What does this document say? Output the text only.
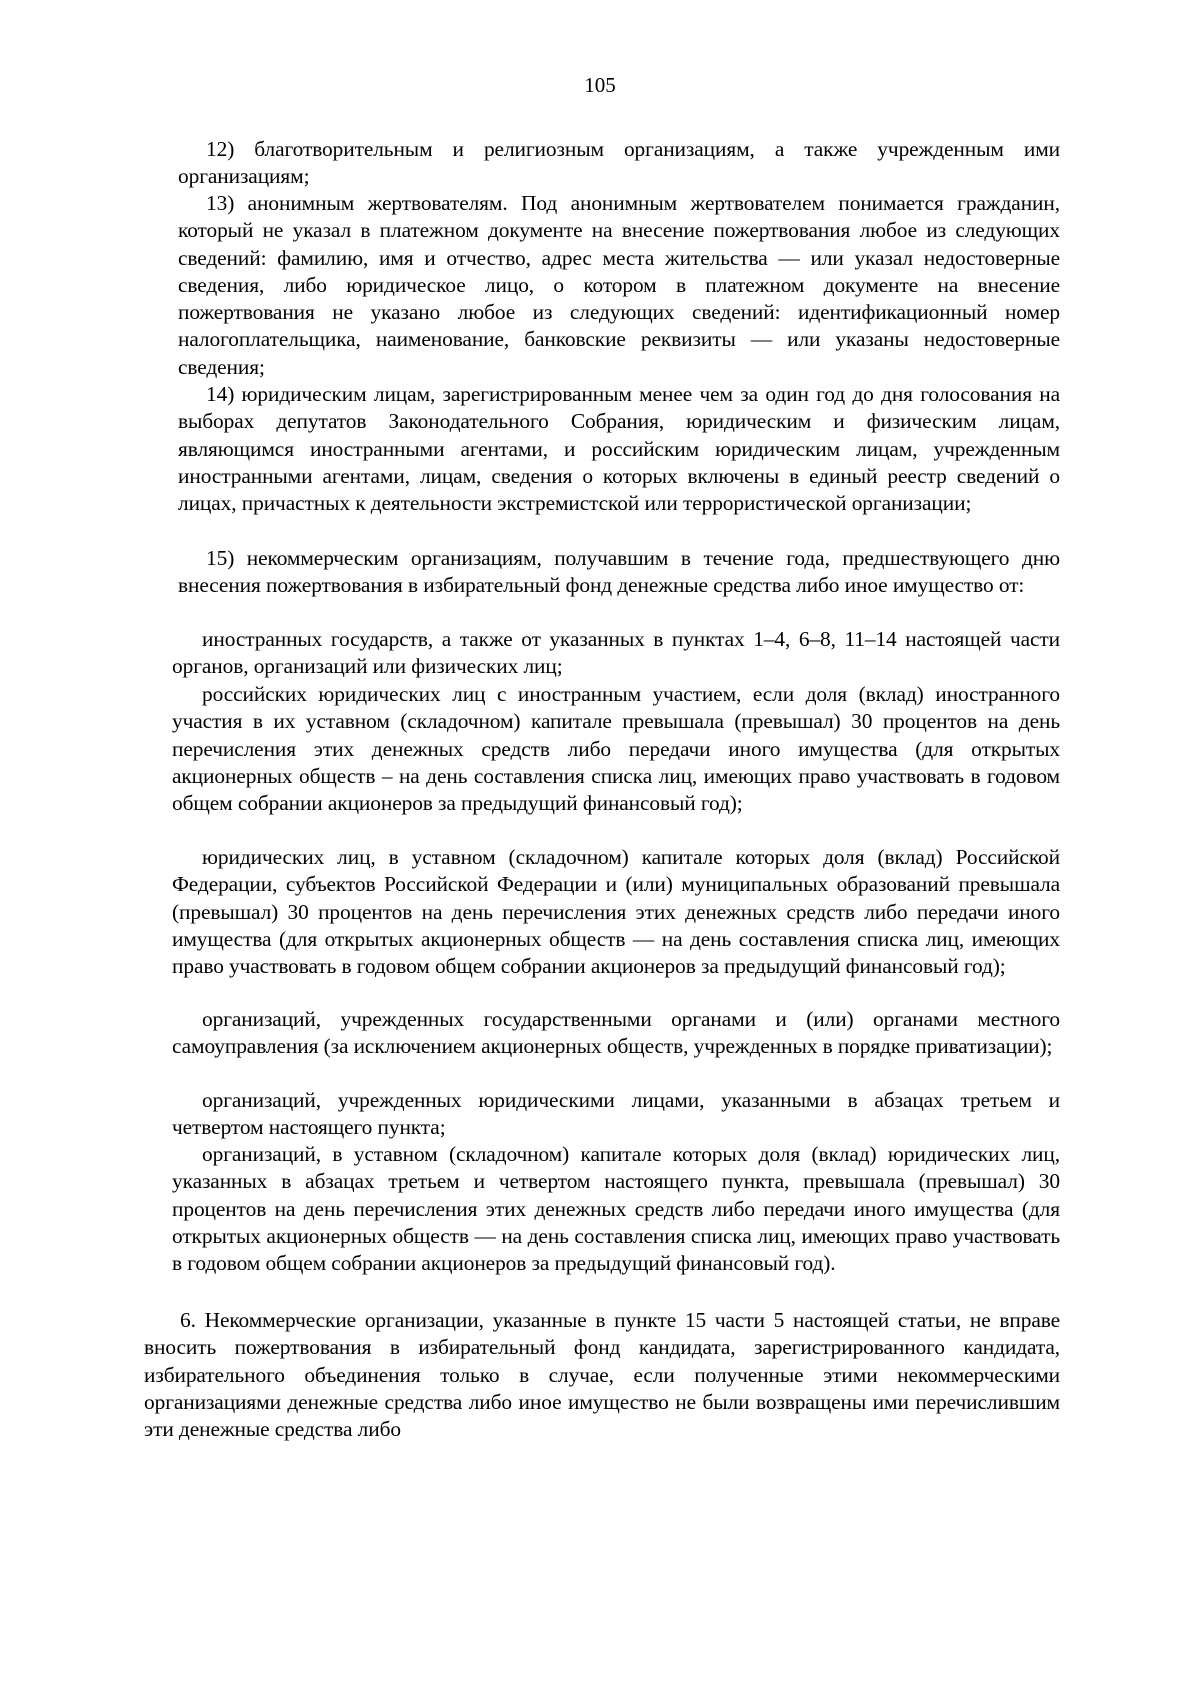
105

12) благотворительным и религиозным организациям, а также учрежденным ими организациям;

13) анонимным жертвователям. Под анонимным жертвователем понимается гражданин, который не указал в платежном документе на внесение пожертвования любое из следующих сведений: фамилию, имя и отчество, адрес места жительства — или указал недостоверные сведения, либо юридическое лицо, о котором в платежном документе на внесение пожертвования не указано любое из следующих сведений: идентификационный номер налогоплательщика, наименование, банковские реквизиты — или указаны недостоверные сведения;

14) юридическим лицам, зарегистрированным менее чем за один год до дня голосования на выборах депутатов Законодательного Собрания, юридическим и физическим лицам, являющимся иностранными агентами, и российским юридическим лицам, учрежденным иностранными агентами, лицам, сведения о которых включены в единый реестр сведений о лицах, причастных к деятельности экстремистской или террористической организации;

15) некоммерческим организациям, получавшим в течение года, предшествующего дню внесения пожертвования в избирательный фонд денежные средства либо иное имущество от:

иностранных государств, а также от указанных в пунктах 1–4, 6–8, 11–14 настоящей части органов, организаций или физических лиц;

российских юридических лиц с иностранным участием, если доля (вклад) иностранного участия в их уставном (складочном) капитале превышала (превышал) 30 процентов на день перечисления этих денежных средств либо передачи иного имущества (для открытых акционерных обществ – на день составления списка лиц, имеющих право участвовать в годовом общем собрании акционеров за предыдущий финансовый год);

юридических лиц, в уставном (складочном) капитале которых доля (вклад) Российской Федерации, субъектов Российской Федерации и (или) муниципальных образований превышала (превышал) 30 процентов на день перечисления этих денежных средств либо передачи иного имущества (для открытых акционерных обществ — на день составления списка лиц, имеющих право участвовать в годовом общем собрании акционеров за предыдущий финансовый год);

организаций, учрежденных государственными органами и (или) органами местного самоуправления (за исключением акционерных обществ, учрежденных в порядке приватизации);

организаций, учрежденных юридическими лицами, указанными в абзацах третьем и четвертом настоящего пункта;

организаций, в уставном (складочном) капитале которых доля (вклад) юридических лиц, указанных в абзацах третьем и четвертом настоящего пункта, превышала (превышал) 30 процентов на день перечисления этих денежных средств либо передачи иного имущества (для открытых акционерных обществ — на день составления списка лиц, имеющих право участвовать в годовом общем собрании акционеров за предыдущий финансовый год).

6. Некоммерческие организации, указанные в пункте 15 части 5 настоящей статьи, не вправе вносить пожертвования в избирательный фонд кандидата, зарегистрированного кандидата, избирательного объединения только в случае, если полученные этими некоммерческими организациями денежные средства либо иное имущество не были возвращены ими перечислившим эти денежные средства либо
